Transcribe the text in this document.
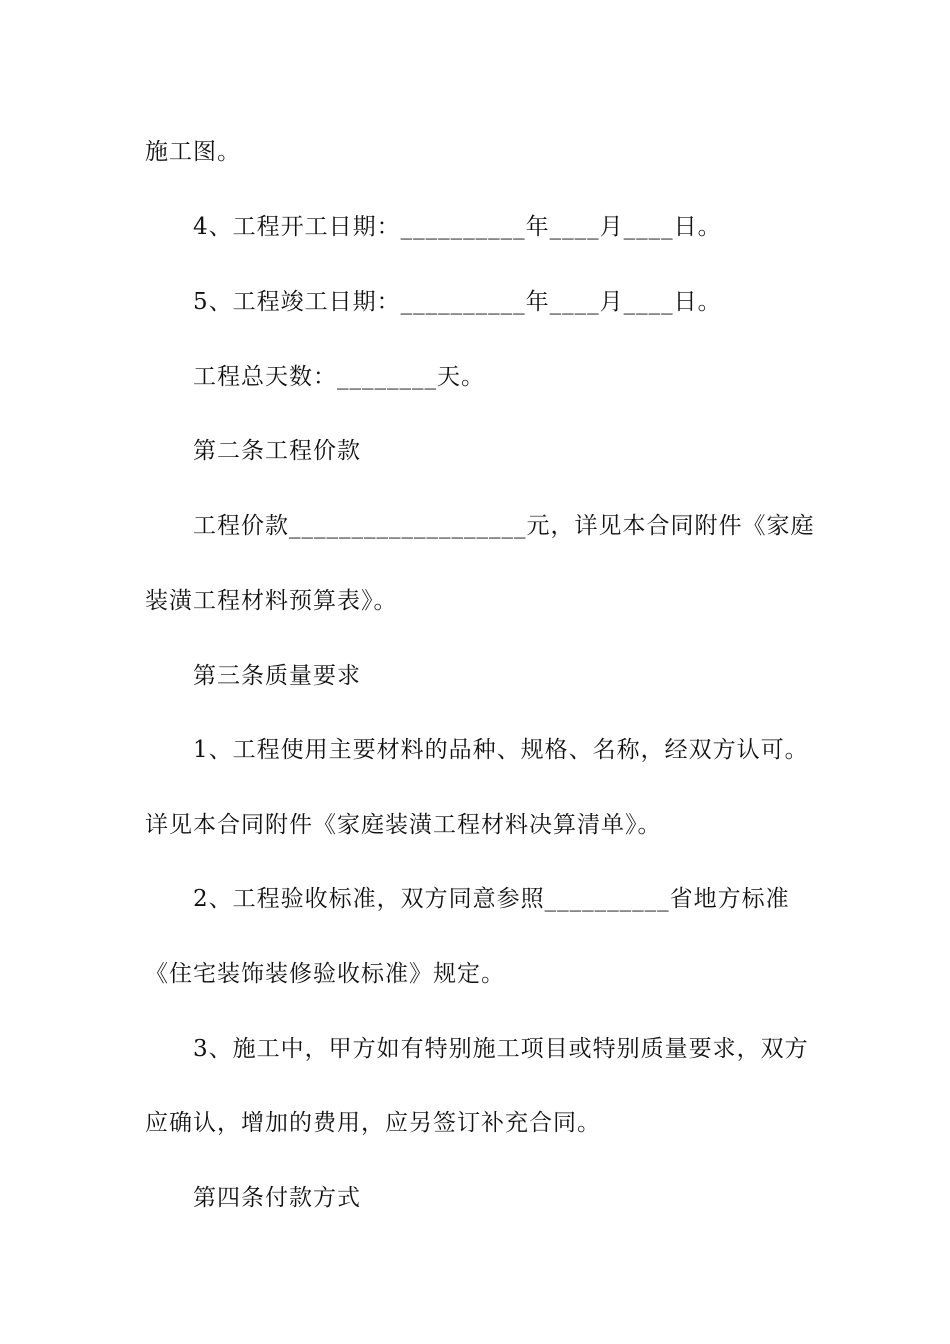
施工图。
4、工程开工日期：__________年____月____日。
5、工程竣工日期：__________年____月____日。
工程总天数：________天。
第二条工程价款
工程价款___________________元，详见本合同附件《家庭
装潢工程材料预算表》。
第三条质量要求
1、工程使用主要材料的品种、规格、名称，经双方认可。
详见本合同附件《家庭装潢工程材料决算清单》。
2、工程验收标准，双方同意参照__________省地方标准
《住宅装饰装修验收标准》规定。
3、施工中，甲方如有特别施工项目或特别质量要求，双方
应确认，增加的费用，应另签订补充合同。
第四条付款方式
